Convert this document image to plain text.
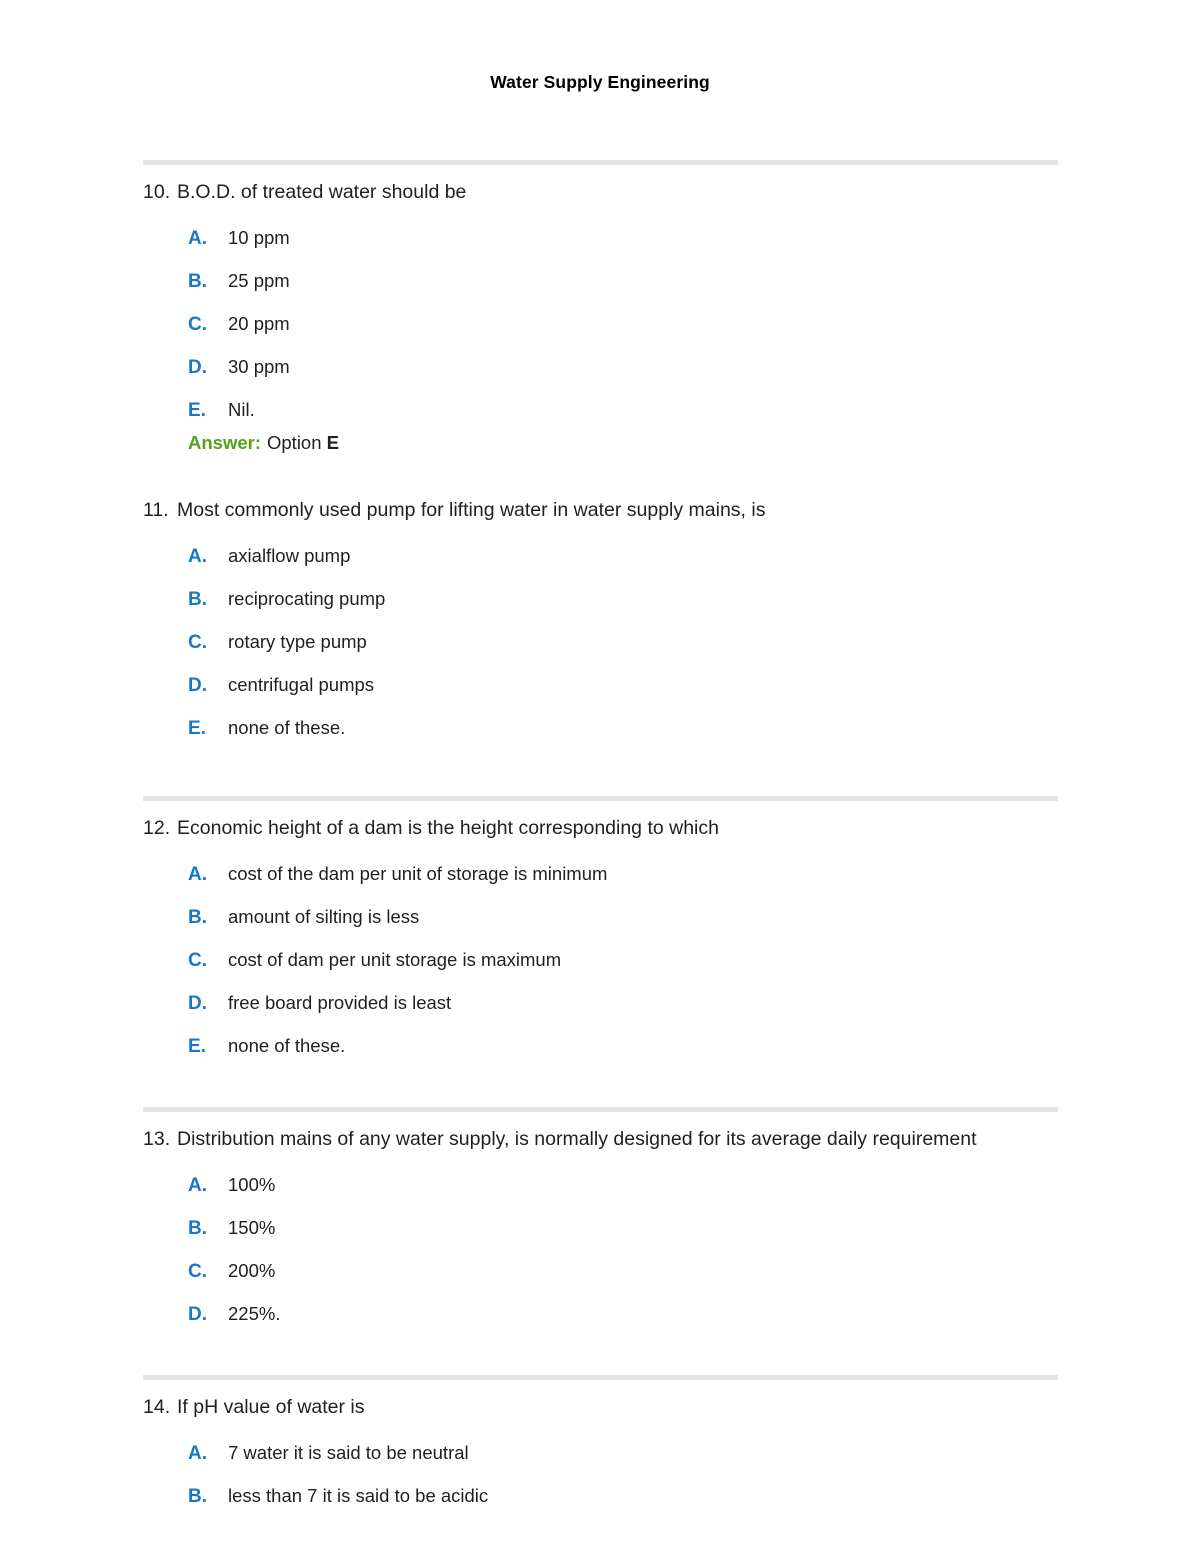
Water Supply Engineering
10. B.O.D. of treated water should be
A.	10 ppm
B.	25 ppm
C.	20 ppm
D.	30 ppm
E.	Nil.
Answer: Option E
11. Most commonly used pump for lifting water in water supply mains, is
A.	axialflow pump
B.	reciprocating pump
C.	rotary type pump
D.	centrifugal pumps
E.	none of these.
12. Economic height of a dam is the height corresponding to which
A.	cost of the dam per unit of storage is minimum
B.	amount of silting is less
C.	cost of dam per unit storage is maximum
D.	free board provided is least
E.	none of these.
13. Distribution mains of any water supply, is normally designed for its average daily requirement
A.	100%
B.	150%
C.	200%
D.	225%.
14. If pH value of water is
A.	7 water it is said to be neutral
B.	less than 7 it is said to be acidic
